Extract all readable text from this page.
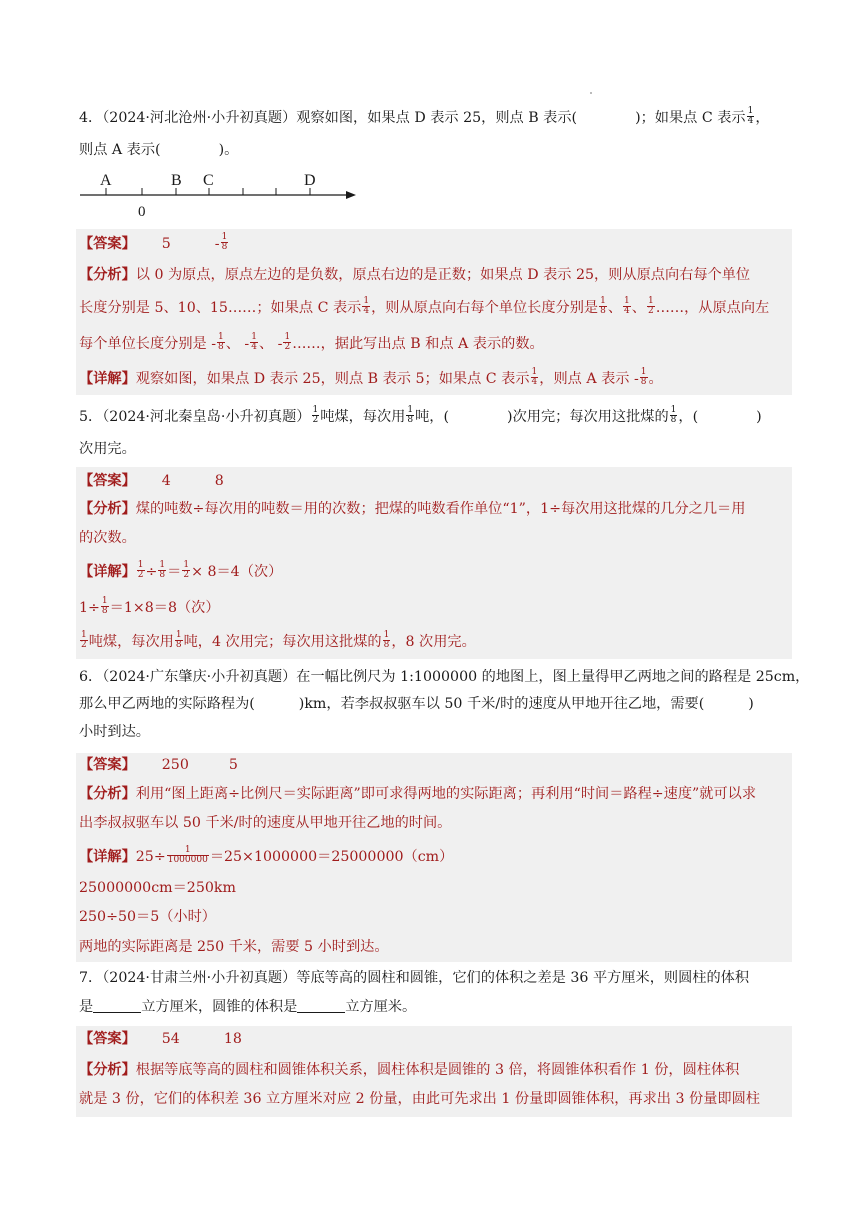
4．（2024·河北沧州·小升初真题）观察如图，如果点 D 表示 25，则点 B 表示(	)；如果点 C 表示 $\frac{1}{4}$ ，
则点 A 表示(	)。
A	B C	D
0
【答案】 5	- $\frac{1}{8}$
【分析】以 0 为原点，原点左边的是负数，原点右边的是正数；如果点 D 表示 25，则从原点向右每个单位
长度分别是 5、10、15……；如果点 C 表示 $\frac{1}{4}$ ，则从原点向右每个单位长度分别是 $\frac{1}{8}$ 、 $\frac{1}{4}$ 、 $\frac{1}{2}$ ……，从原点向左
每个单位长度分别是 - $\frac{1}{8}$ 、 - $\frac{1}{4}$ 、 - $\frac{1}{2}$ ……，据此写出点 B 和点 A 表示的数。
【详解】观察如图，如果点 D 表示 25，则点 B 表示 5；如果点 C 表示 $\frac{1}{4}$ ，则点 A 表示 - $\frac{1}{8}$ 。
5．（2024·河北秦皇岛·小升初真题） $\frac{1}{2}$ 吨煤，每次用 $\frac{1}{8}$ 吨，(	)次用完；每次用这批煤的 $\frac{1}{8}$ ，(	)
次用完。
【答案】 4	8
【分析】煤的吨数÷每次用的吨数＝用的次数；把煤的吨数看作单位“1”，1÷每次用这批煤的几分之几＝用
的次数。
【详解】 $\frac{1}{2} \div \frac{1}{8} = \frac{1}{2} \times 8=4$（次）
$1\div \frac{1}{8} =1\times 8=8$（次）
$\frac{1}{2}$ 吨煤，每次用 $\frac{1}{8}$ 吨，4 次用完；每次用这批煤的 $\frac{1}{8}$ ，8 次用完。
6．（2024·广东肇庆·小升初真题）在一幅比例尺为 1:1000000 的地图上，图上量得甲乙两地之间的路程是 25cm，
那么甲乙两地的实际路程为(	)km，若李叔叔驱车以 50 千米/时的速度从甲地开往乙地，需要(	)
小时到达。
【答案】 250	5
【分析】利用“图上距离÷比例尺＝实际距离”即可求得两地的实际距离；再利用“时间＝路程÷速度”就可以求
出李叔叔驱车以 50 千米/时的速度从甲地开往乙地的时间。
【详解】$25\div \frac{1}{1000000} =25\times 1000000=25000000(cm)$
25000000cm＝250km
250÷50＝5（小时）
两地的实际距离是 250 千米，需要 5 小时到达。
7．（2024·甘肃兰州·小升初真题）等底等高的圆柱和圆锥，它们的体积之差是 36 平方厘米，则圆柱的体积
是	立方厘米，圆锥的体积是	立方厘米。
【答案】 54	18
【分析】根据等底等高的圆柱和圆锥体积关系，圆柱体积是圆锥的 3 倍，将圆锥体积看作 1 份，圆柱体积
就是 3 份，它们的体积差 36 立方厘米对应 2 份量，由此可先求出 1 份量即圆锥体积，再求出 3 份量即圆柱
